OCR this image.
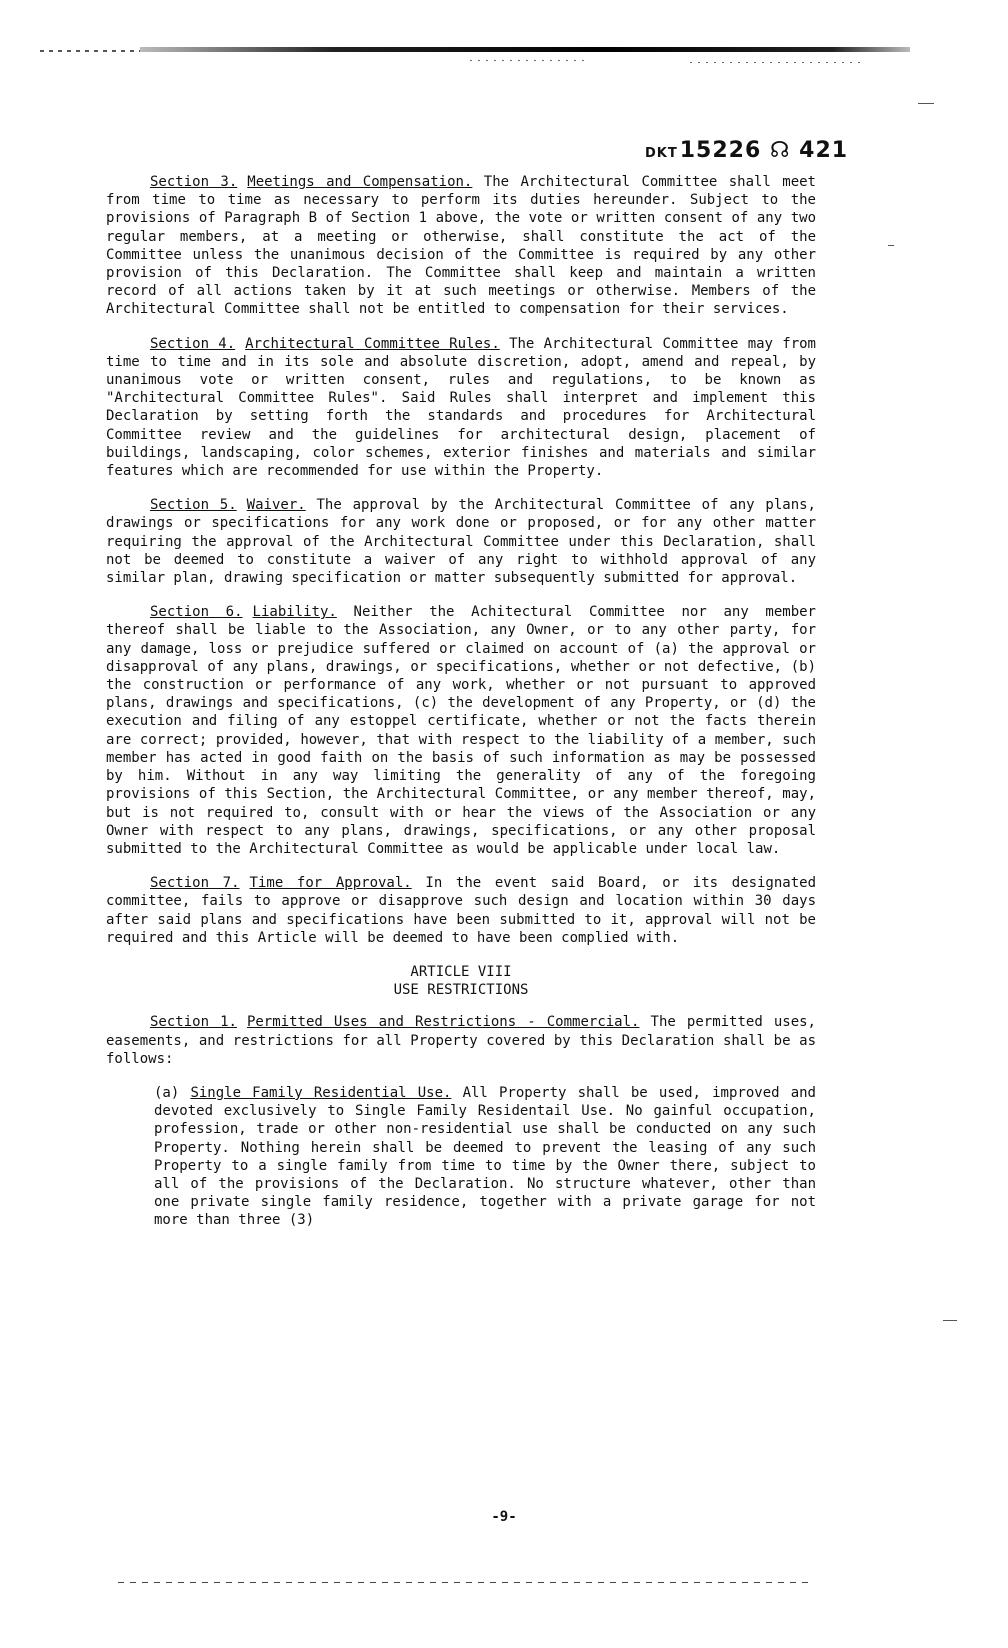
DKT15226 ☊ 421

Section 3. Meetings and Compensation. The Architectural Committee shall meet from time to time as necessary to perform its duties hereunder. Subject to the provisions of Paragraph B of Section 1 above, the vote or written consent of any two regular members, at a meeting or otherwise, shall constitute the act of the Committee unless the unanimous decision of the Committee is required by any other provision of this Declaration. The Committee shall keep and maintain a written record of all actions taken by it at such meetings or otherwise. Members of the Architectural Committee shall not be entitled to compensation for their services.

Section 4. Architectural Committee Rules. The Architectural Committee may from time to time and in its sole and absolute discretion, adopt, amend and repeal, by unanimous vote or written consent, rules and regulations, to be known as "Architectural Committee Rules". Said Rules shall interpret and implement this Declaration by setting forth the standards and procedures for Architectural Committee review and the guidelines for architectural design, placement of buildings, landscaping, color schemes, exterior finishes and materials and similar features which are recommended for use within the Property.

Section 5. Waiver. The approval by the Architectural Committee of any plans, drawings or specifications for any work done or proposed, or for any other matter requiring the approval of the Architectural Committee under this Declaration, shall not be deemed to constitute a waiver of any right to withhold approval of any similar plan, drawing specification or matter subsequently submitted for approval.

Section 6. Liability. Neither the Achitectural Committee nor any member thereof shall be liable to the Association, any Owner, or to any other party, for any damage, loss or prejudice suffered or claimed on account of (a) the approval or disapproval of any plans, drawings, or specifications, whether or not defective, (b) the construction or performance of any work, whether or not pursuant to approved plans, drawings and specifications, (c) the development of any Property, or (d) the execution and filing of any estoppel certificate, whether or not the facts therein are correct; provided, however, that with respect to the liability of a member, such member has acted in good faith on the basis of such information as may be possessed by him. Without in any way limiting the generality of any of the foregoing provisions of this Section, the Architectural Committee, or any member thereof, may, but is not required to, consult with or hear the views of the Association or any Owner with respect to any plans, drawings, specifications, or any other proposal submitted to the Architectural Committee as would be applicable under local law.

Section 7. Time for Approval. In the event said Board, or its designated committee, fails to approve or disapprove such design and location within 30 days after said plans and specifications have been submitted to it, approval will not be required and this Article will be deemed to have been complied with.

ARTICLE VIII

USE RESTRICTIONS

Section 1. Permitted Uses and Restrictions - Commercial. The permitted uses, easements, and restrictions for all Property covered by this Declaration shall be as follows:

(a) Single Family Residential Use. All Property shall be used, improved and devoted exclusively to Single Family Residentail Use. No gainful occupation, profession, trade or other non-residential use shall be conducted on any such Property. Nothing herein shall be deemed to prevent the leasing of any such Property to a single family from time to time by the Owner there, subject to all of the provisions of the Declaration. No structure whatever, other than one private single family residence, together with a private garage for not more than three (3)

-9-
